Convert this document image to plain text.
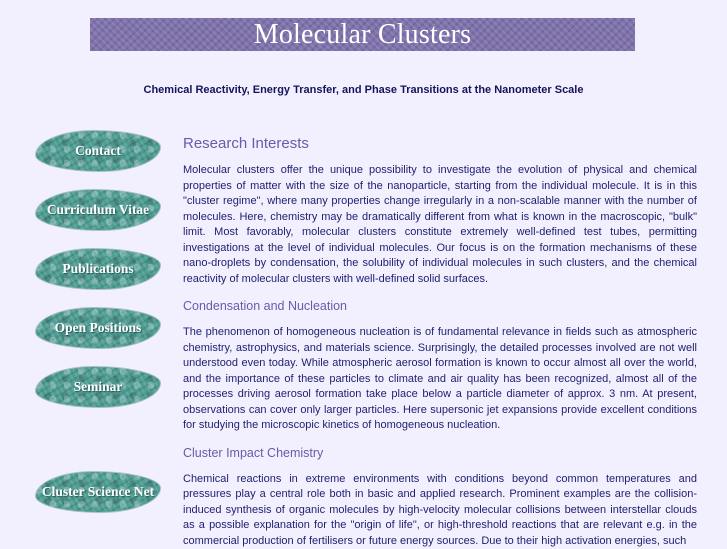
Molecular Clusters
Chemical Reactivity, Energy Transfer, and Phase Transitions at the Nanometer Scale
Contact
Curriculum Vitae
Publications
Open Positions
Seminar
Cluster Science Net
Research Interests

Molecular clusters offer the unique possibility to investigate the evolution of physical and chemical properties of matter with the size of the nanoparticle, starting from the individual molecule. It is in this "cluster regime", where many properties change irregularly in a non-scalable manner with the number of molecules. Here, chemistry may be dramatically different from what is known in the macroscopic, "bulk" limit. Most favorably, molecular clusters constitute extremely well-defined test tubes, permitting investigations at the level of individual molecules. Our focus is on the formation mechanisms of these nano-droplets by condensation, the solubility of individual molecules in such clusters, and the chemical reactivity of molecular clusters with well-defined solid surfaces.

Condensation and Nucleation

The phenomenon of homogeneous nucleation is of fundamental relevance in fields such as atmospheric chemistry, astrophysics, and materials science. Surprisingly, the detailed processes involved are not well understood even today. While atmospheric aerosol formation is known to occur almost all over the world, and the importance of these particles to climate and air quality has been recognized, almost all of the processes driving aerosol formation take place below a particle diameter of approx. 3 nm. At present, observations can cover only larger particles. Here supersonic jet expansions provide excellent conditions for studying the microscopic kinetics of homogeneous nucleation.

Cluster Impact Chemistry

Chemical reactions in extreme environments with conditions beyond common temperatures and pressures play a central role both in basic and applied research. Prominent examples are the collision-induced synthesis of organic molecules by high-velocity molecular collisions between interstellar clouds as a possible explanation for the "origin of life", or high-threshold reactions that are relevant e.g. in the commercial production of fertilisers or future energy sources. Due to their high activation energies, such
